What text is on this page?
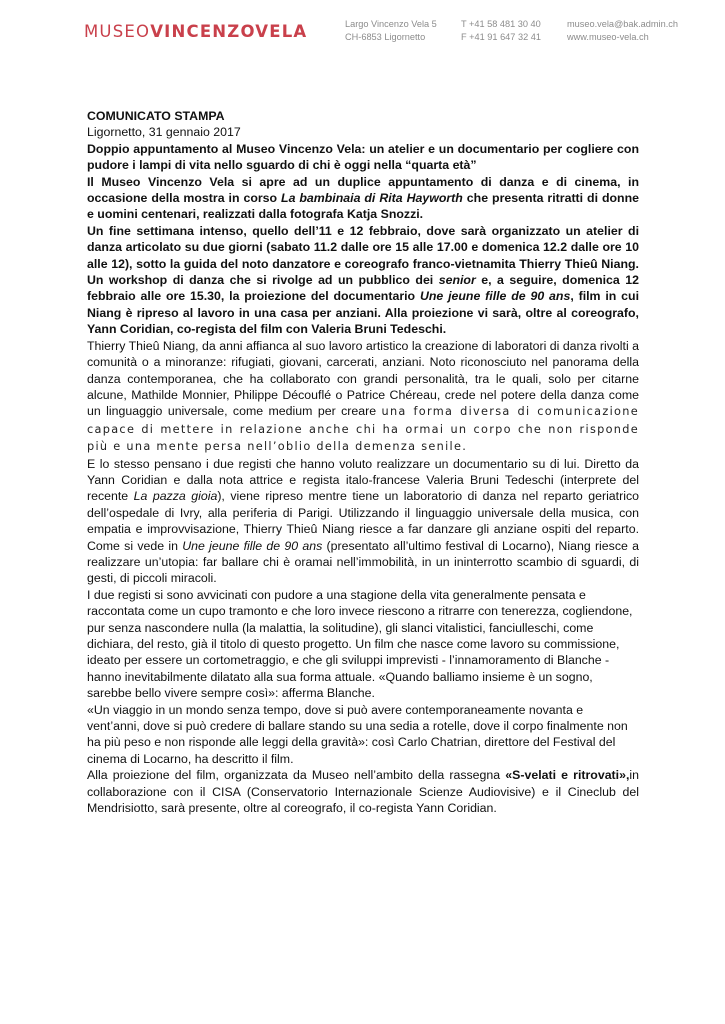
MUSEOVINCENZOVELA	Largo Vincenzo Vela 5
CH-6853 Ligornetto
T +41 58 481 30 40
F +41 91 647 32 41
museo.vela@bak.admin.ch
www.museo-vela.ch

COMUNICATO STAMPA

Ligornetto, 31 gennaio 2017

Doppio appuntamento al Museo Vincenzo Vela: un atelier e un documentario per cogliere con pudore i lampi di vita nello sguardo di chi è oggi nella “quarta età”

Il Museo Vincenzo Vela si apre ad un duplice appuntamento di danza e di cinema, in occasione della mostra in corso La bambinaia di Rita Hayworth che presenta ritratti di donne e uomini centenari, realizzati dalla fotografa Katja Snozzi.

Un fine settimana intenso, quello dell’11 e 12 febbraio, dove sarà organizzato un atelier di danza articolato su due giorni (sabato 11.2 dalle ore 15 alle 17.00 e domenica 12.2 dalle ore 10 alle 12), sotto la guida del noto danzatore e coreografo franco-vietnamita Thierry Thieû Niang. Un workshop di danza che si rivolge ad un pubblico dei senior e, a seguire, domenica 12 febbraio alle ore 15.30, la proiezione del documentario Une jeune fille de 90 ans, film in cui Niang è ripreso al lavoro in una casa per anziani. Alla proiezione vi sarà, oltre al coreografo, Yann Coridian, co-regista del film con Valeria Bruni Tedeschi.

Thierry Thieû Niang, da anni affianca al suo lavoro artistico la creazione di laboratori di danza rivolti a comunità o a minoranze: rifugiati, giovani, carcerati, anziani. Noto riconosciuto nel panorama della danza contemporanea, che ha collaborato con grandi personalità, tra le quali, solo per citarne alcune, Mathilde Monnier, Philippe Découflé o Patrice Chéreau, crede nel potere della danza come un linguaggio universale, come medium per creare una forma diversa di comunicazione capace di mettere in relazione anche chi ha ormai un corpo che non risponde più e una mente persa nell’oblio della demenza senile.

E lo stesso pensano i due registi che hanno voluto realizzare un documentario su di lui. Diretto da Yann Coridian e dalla nota attrice e regista italo-francese Valeria Bruni Tedeschi (interprete del recente La pazza gioia), viene ripreso mentre tiene un laboratorio di danza nel reparto geriatrico dell’ospedale di Ivry, alla periferia di Parigi. Utilizzando il linguaggio universale della musica, con empatia e improvvisazione, Thierry Thieû Niang riesce a far danzare gli anziane ospiti del reparto. Come si vede in Une jeune fille de 90 ans (presentato all’ultimo festival di Locarno), Niang riesce a realizzare un’utopia: far ballare chi è oramai nell’immobilità, in un ininterrotto scambio di sguardi, di gesti, di piccoli miracoli.

I due registi si sono avvicinati con pudore a una stagione della vita generalmente pensata e raccontata come un cupo tramonto e che loro invece riescono a ritrarre con tenerezza, cogliendone, pur senza nascondere nulla (la malattia, la solitudine), gli slanci vitalistici, fanciulleschi, come dichiara, del resto, già il titolo di questo progetto. Un film che nasce come lavoro su commissione, ideato per essere un cortometraggio, e che gli sviluppi imprevisti - l’innamoramento di Blanche - hanno inevitabilmente dilatato alla sua forma attuale. «Quando balliamo insieme è un sogno, sarebbe bello vivere sempre così»: afferma Blanche.

«Un viaggio in un mondo senza tempo, dove si può avere contemporaneamente novanta e vent’anni, dove si può credere di ballare stando su una sedia a rotelle, dove il corpo finalmente non ha più peso e non risponde alle leggi della gravità»: così Carlo Chatrian, direttore del Festival del cinema di Locarno, ha descritto il film.

Alla proiezione del film, organizzata da Museo nell’ambito della rassegna «S-velati e ritrovati»,in collaborazione con il CISA (Conservatorio Internazionale Scienze Audiovisive) e il Cineclub del Mendrisiotto, sarà presente, oltre al coreografo, il co-regista Yann Coridian.
